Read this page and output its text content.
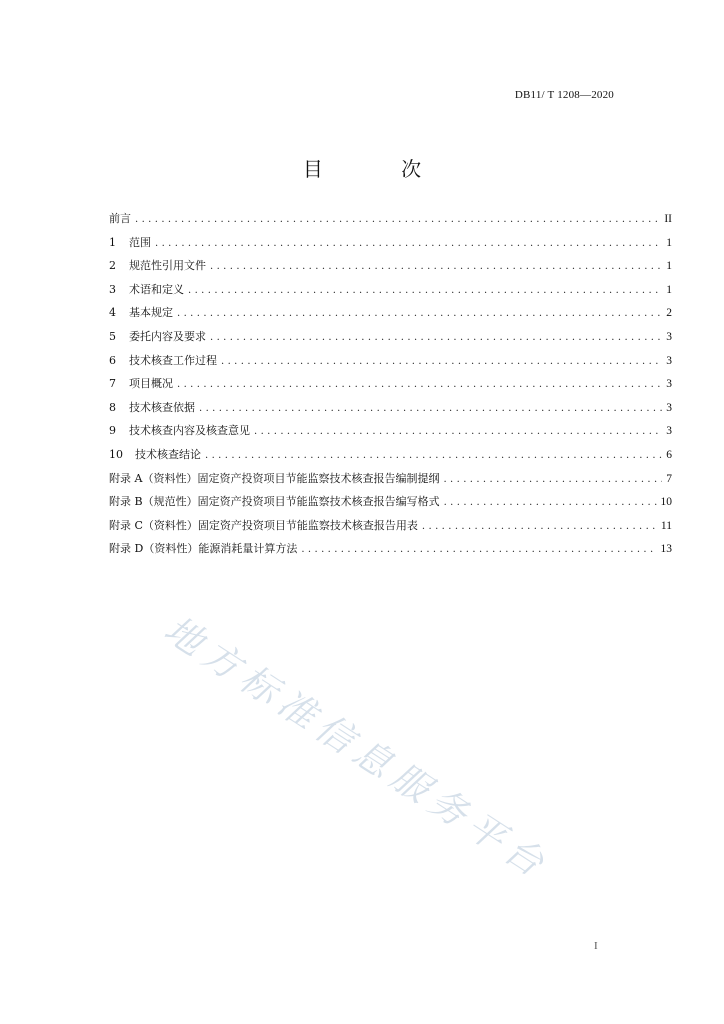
DB11/ T 1208—2020
目 次
前言 .....	II
1	范围 .....	1
2	规范性引用文件 .....	1
3	术语和定义 .....	1
4	基本规定 .....	2
5	委托内容及要求 .....	3
6	技术核查工作过程 .....	3
7	项目概况 .....	3
8	技术核查依据 .....	3
9	技术核查内容及核查意见 .....	3
10	技术核查结论 .....	6
附录 A（资料性） 固定资产投资项目节能监察技术核查报告编制提纲 .....	7
附录 B（规范性） 固定资产投资项目节能监察技术核查报告编写格式 .....	10
附录 C（资料性） 固定资产投资项目节能监察技术核查报告用表 .....	11
附录 D（资料性） 能源消耗量计算方法 .....	13
地方标准信息服务平台
I
